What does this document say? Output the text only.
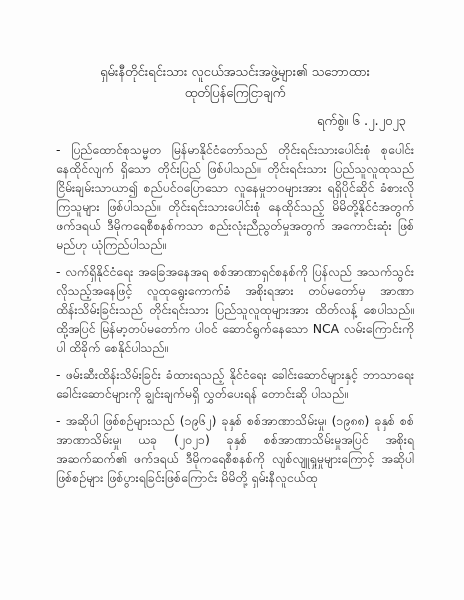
ရှမ်းနီတိုင်းရင်းသား လူငယ်အသင်းအဖွဲ့များ၏ သဘောထား
ထုတ်ပြန်ကြေငြာချက်
ရက်စွဲ။ ၆ .၂.၂၀၂၃

- ပြည်ထောင်စုသမ္မတ မြန်မာနိုင်ငံတော်သည် တိုင်းရင်းသားပေါင်းစုံ စုပေါင်း နေထိုင်လျက် ရှိသော တိုင်းပြည် ဖြစ်ပါသည်။ တိုင်းရင်းသား ပြည်သူလူထုသည် ငြိမ်းချမ်းသာယာ၍ စည်ပင်ဝပြောသော လူနေမှုဘဝများအား ရရှိပိုင်ဆိုင် ခံစားလိုကြသူများ ဖြစ်ပါသည်။ တိုင်းရင်းသားပေါင်းစုံ နေထိုင်သည့် မိမိတို့နိုင်ငံအတွက် ဖက်ဒရယ် ဒီမိုကရေစီစနစ်ကသာ စည်းလုံးညီညွတ်မှုအတွက် အကောင်းဆုံး ဖြစ်မည်ဟု ယုံကြည်ပါသည်။

- လက်ရှိနိုင်ငံရေး အခြေအနေအရ စစ်အာဏာရှင်စနစ်ကို ပြန်လည် အသက်သွင်း လိုသည့်အနေဖြင့် လူထုရွေးကောက်ခံ အစိုးရအား တပ်မတော်မှ အာဏာထိန်းသိမ်းခြင်းသည် တိုင်းရင်းသား ပြည်သူလူထုများအား ထိတ်လန့် စေပါသည်။ ထို့အပြင် မြန်မာ့တပ်မတော်က ပါဝင် ဆောင်ရွက်နေသော NCA လမ်းကြောင်းကိုပါ ထိခိုက် စေနိုင်ပါသည်။

- ဖမ်းဆီးထိန်းသိမ်းခြင်း ခံထားရသည့် နိုင်ငံရေး ခေါင်းဆောင်များနှင့် ဘာသာရေးခေါင်းဆောင်များကို ချွင်းချက်မရှိ လွှတ်ပေးရန် တောင်းဆို ပါသည်။

- အဆိုပါ ဖြစ်စဉ်များသည် (၁၉၆၂) ခုနှစ် စစ်အာဏာသိမ်းမှု၊ (၁၉၈၈) ခုနှစ် စစ်အာဏာသိမ်းမှု၊ ယခု (၂၀၂၁) ခုနှစ် စစ်အာဏာသိမ်းမှုအပြင် အစိုးရ အဆက်ဆက်၏ ဖက်ဒရယ် ဒီမိုကရေစီစနစ်ကို လျစ်လျူရှုမှုများကြောင့် အဆိုပါဖြစ်စဉ်များ ဖြစ်ပွားရခြင်းဖြစ်ကြောင်း မိမိတို့ ရှမ်းနီလူငယ်ထု
